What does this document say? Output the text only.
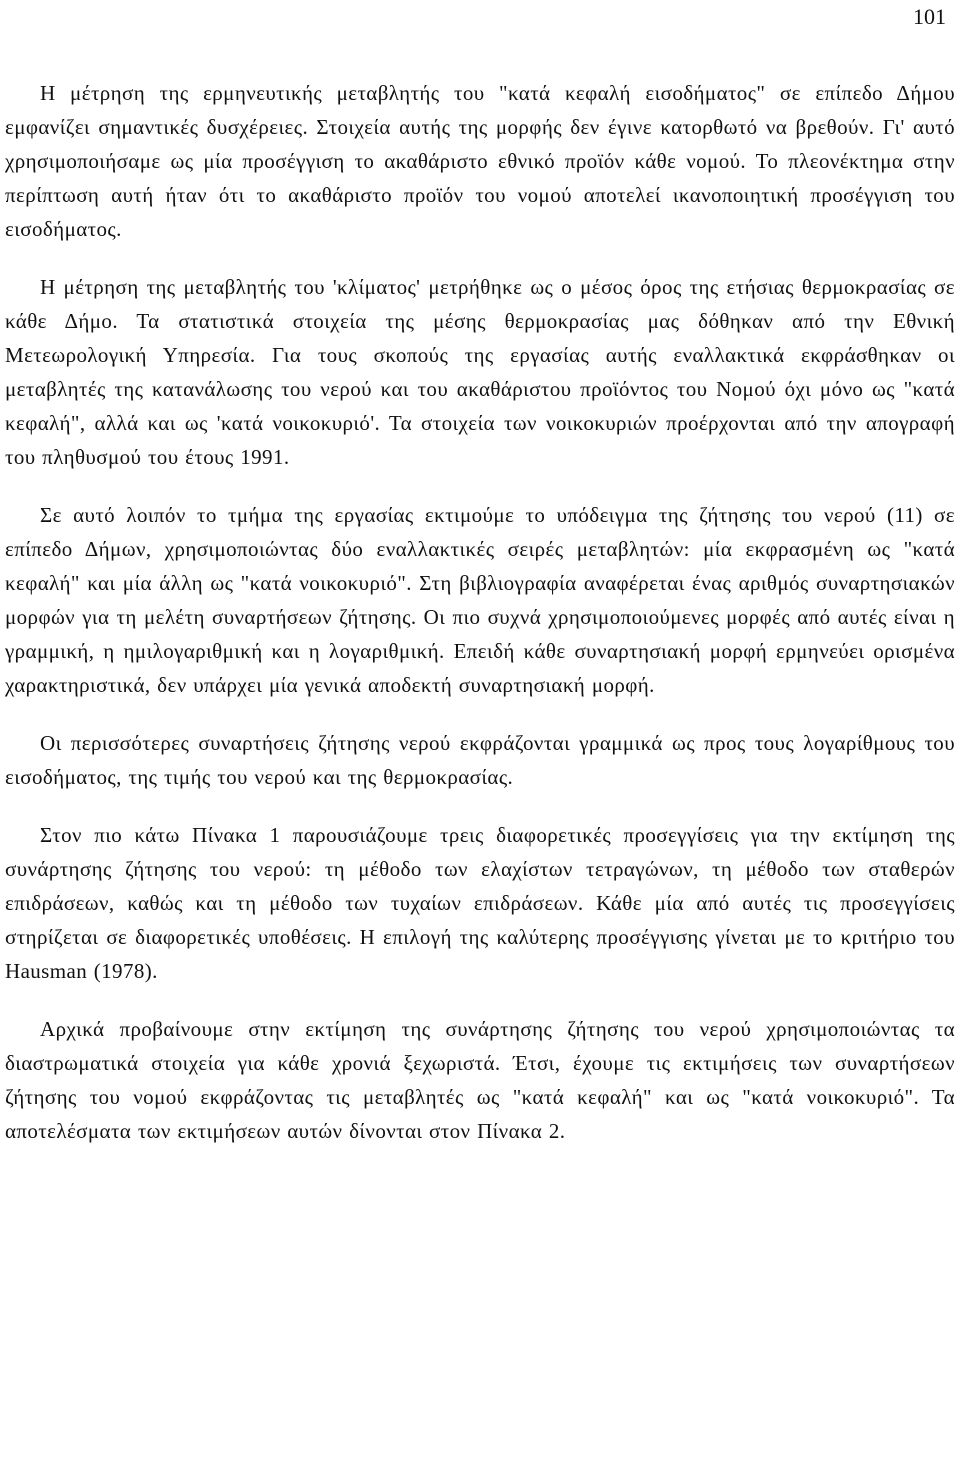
101

Η μέτρηση της ερμηνευτικής μεταβλητής του "κατά κεφαλή εισοδήματος" σε επίπεδο Δήμου εμφανίζει σημαντικές δυσχέρειες. Στοιχεία αυτής της μορφής δεν έγινε κατορθωτό να βρεθούν. Γι' αυτό χρησιμοποιήσαμε ως μία προσέγγιση το ακαθάριστο εθνικό προϊόν κάθε νομού. Το πλεονέκτημα στην περίπτωση αυτή ήταν ότι το ακαθάριστο προϊόν του νομού αποτελεί ικανοποιητική προσέγγιση του εισοδήματος.

Η μέτρηση της μεταβλητής του 'κλίματος' μετρήθηκε ως ο μέσος όρος της ετήσιας θερμοκρασίας σε κάθε Δήμο. Τα στατιστικά στοιχεία της μέσης θερμοκρασίας μας δόθηκαν από την Εθνική Μετεωρολογική Υπηρεσία. Για τους σκοπούς της εργασίας αυτής εναλλακτικά εκφράσθηκαν οι μεταβλητές της κατανάλωσης του νερού και του ακαθάριστου προϊόντος του Νομού όχι μόνο ως "κατά κεφαλή", αλλά και ως 'κατά νοικοκυριό'. Τα στοιχεία των νοικοκυριών προέρχονται από την απογραφή του πληθυσμού του έτους 1991.

Σε αυτό λοιπόν το τμήμα της εργασίας εκτιμούμε το υπόδειγμα της ζήτησης του νερού (11) σε επίπεδο Δήμων, χρησιμοποιώντας δύο εναλλακτικές σειρές μεταβλητών: μία εκφρασμένη ως "κατά κεφαλή" και μία άλλη ως "κατά νοικοκυριό". Στη βιβλιογραφία αναφέρεται ένας αριθμός συναρτησιακών μορφών για τη μελέτη συναρτήσεων ζήτησης. Οι πιο συχνά χρησιμοποιούμενες μορφές από αυτές είναι η γραμμική, η ημιλογαριθμική και η λογαριθμική. Επειδή κάθε συναρτησιακή μορφή ερμηνεύει ορισμένα χαρακτηριστικά, δεν υπάρχει μία γενικά αποδεκτή συναρτησιακή μορφή.

Οι περισσότερες συναρτήσεις ζήτησης νερού εκφράζονται γραμμικά ως προς τους λογαρίθμους του εισοδήματος, της τιμής του νερού και της θερμοκρασίας.

Στον πιο κάτω Πίνακα 1 παρουσιάζουμε τρεις διαφορετικές προσεγγίσεις για την εκτίμηση της συνάρτησης ζήτησης του νερού: τη μέθοδο των ελαχίστων τετραγώνων, τη μέθοδο των σταθερών επιδράσεων, καθώς και τη μέθοδο των τυχαίων επιδράσεων. Κάθε μία από αυτές τις προσεγγίσεις στηρίζεται σε διαφορετικές υποθέσεις. Η επιλογή της καλύτερης προσέγγισης γίνεται με το κριτήριο του Hausman (1978).

Αρχικά προβαίνουμε στην εκτίμηση της συνάρτησης ζήτησης του νερού χρησιμοποιώντας τα διαστρωματικά στοιχεία για κάθε χρονιά ξεχωριστά. Έτσι, έχουμε τις εκτιμήσεις των συναρτήσεων ζήτησης του νομού εκφράζοντας τις μεταβλητές ως "κατά κεφαλή" και ως "κατά νοικοκυριό". Τα αποτελέσματα των εκτιμήσεων αυτών δίνονται στον Πίνακα 2.
